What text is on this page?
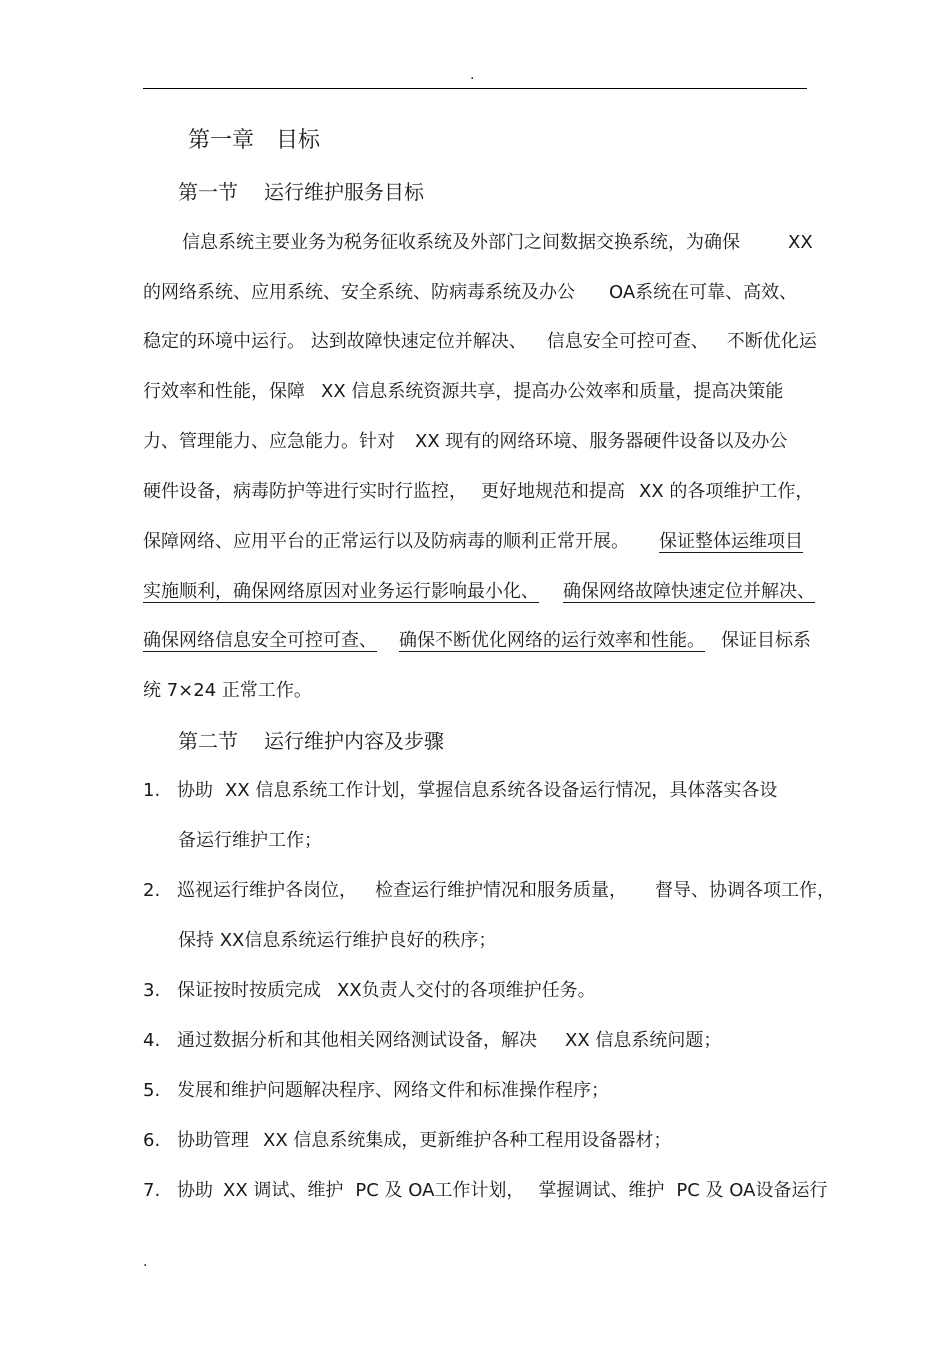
.
.
第一章 目标
第一节 运行维护服务目标
信息系统主要业务为税务征收系统及外部门之间数据交换系统，为确保	XX
的网络系统、应用系统、安全系统、防病毒系统及办公 OA系统在可靠、高效、
稳定的环境中运行。 达到故障快速定位并解决、 信息安全可控可查、 不断优化运
行效率和性能，保障 XX 信息系统资源共享，提高办公效率和质量，提高决策能
力、管理能力、应急能力。针对 XX 现有的网络环境、服务器硬件设备以及办公
硬件设备，病毒防护等进行实时行监控， 更好地规范和提高 XX 的各项维护工作，
保障网络、应用平台的正常运行以及防病毒的顺利正常开展。 保证整体运维项目
实施顺利，确保网络原因对业务运行影响最小化、 确保网络故障快速定位并解决、
确保网络信息安全可控可查、 确保不断优化网络的运行效率和性能。 保证目标系
统 7×24 正常工作。
第二节 运行维护内容及步骤
1. 协助 XX 信息系统工作计划，掌握信息系统各设备运行情况，具体落实各设
备运行维护工作；
2. 巡视运行维护各岗位， 检查运行维护情况和服务质量， 督导、协调各项工作，
保持 XX信息系统运行维护良好的秩序；
3. 保证按时按质完成 XX负责人交付的各项维护任务。
4. 通过数据分析和其他相关网络测试设备，解决 XX 信息系统问题；
5. 发展和维护问题解决程序、网络文件和标准操作程序；
6. 协助管理 XX 信息系统集成，更新维护各种工程用设备器材；
7. 协助 XX 调试、维护 PC 及 OA工作计划， 掌握调试、维护 PC 及 OA设备运行
